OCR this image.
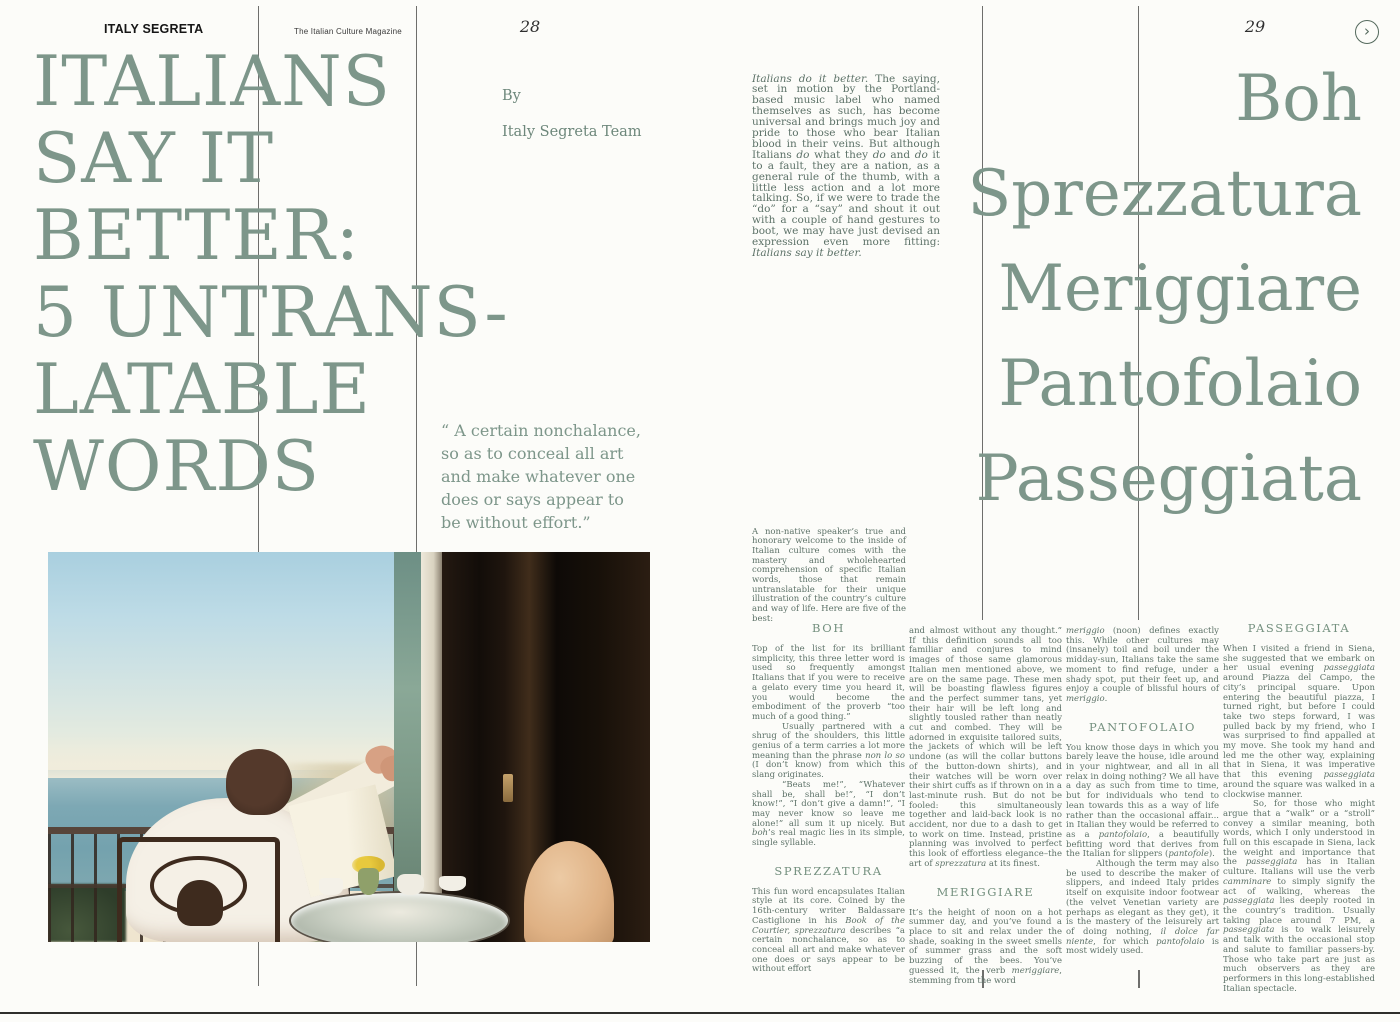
ITALY SEGRETA	The Italian Culture Magazine	28	29	›
ITALIANS
SAY IT
BETTER:
5 UNTRANS-
LATABLE
WORDS
By
Italy Segreta Team
“ A certain nonchalance, so as to conceal all art and make whatever one does or says appear to be without effort.”
Boh
Sprezzatura
Meriggiare
Pantofolaio
Passeggiata

Italians do it better. The saying, set in motion by the Portland-based music label who named themselves as such, has become universal and brings much joy and pride to those who bear Italian blood in their veins. But although Italians do what they do and do it to a fault, they are a nation, as a general rule of the thumb, with a little less action and a lot more talking. So, if we were to trade the “do” for a “say” and shout it out with a couple of hand gestures to boot, we may have just devised an expression even more fitting: Italians say it better.

A non-native speaker’s true and honorary welcome to the inside of Italian culture comes with the mastery and wholehearted comprehension of specific Italian words, those that remain untranslatable for their unique illustration of the country’s culture and way of life. Here are five of the best:

BOH

Top of the list for its brilliant simplicity, this three letter word is used so frequently amongst Italians that if you were to receive a gelato every time you heard it, you would become the embodiment of the proverb “too much of a good thing.”

Usually partnered with a shrug of the shoulders, this little genius of a term carries a lot more meaning than the phrase non lo so (I don’t know) from which this slang originates.

“Beats me!”, “Whatever shall be, shall be!”, “I don’t know!”, “I don’t give a damn!”, “I may never know so leave me alone!” all sum it up nicely. But boh’s real magic lies in its simple, single syllable.

SPREZZATURA

This fun word encapsulates Italian style at its core. Coined by the 16th-century writer Baldassare Castiglione in his Book of the Courtier, sprezzatura describes “a certain nonchalance, so as to conceal all art and make whatever one does or says appear to be without effort

and almost without any thought.” If this definition sounds all too familiar and conjures to mind images of those same glamorous Italian men mentioned above, we are on the same page. These men will be boasting flawless figures and the perfect summer tans, yet their hair will be left long and slightly tousled rather than neatly cut and combed. They will be adorned in exquisite tailored suits, the jackets of which will be left undone (as will the collar buttons of the button-down shirts), and their watches will be worn over their shirt cuffs as if thrown on in a last-minute rush. But do not be fooled: this simultaneously together and laid-back look is no accident, nor due to a dash to get to work on time. Instead, pristine planning was involved to perfect this look of effortless elegance–the art of sprezzatura at its finest.

MERIGGIARE

It’s the height of noon on a hot summer day, and you’ve found a place to sit and relax under the shade, soaking in the sweet smells of summer grass and the soft buzzing of the bees. You’ve guessed it, the verb meriggiare, stemming from the word

meriggio (noon) defines exactly this. While other cultures may (insanely) toil and boil under the midday-sun, Italians take the same moment to find refuge, under a shady spot, put their feet up, and enjoy a couple of blissful hours of meriggio.

PANTOFOLAIO

You know those days in which you barely leave the house, idle around in your nightwear, and all in all relax in doing nothing? We all have a day as such from time to time, but for individuals who tend to lean towards this as a way of life rather than the occasional affair... in Italian they would be referred to as a pantofolaio, a beautifully befitting word that derives from the Italian for slippers (pantofole).

Although the term may also be used to describe the maker of slippers, and indeed Italy prides itself on exquisite indoor footwear (the velvet Venetian variety are perhaps as elegant as they get), it is the mastery of the leisurely art of doing nothing, il dolce far niente, for which pantofolaio is most widely used.

PASSEGGIATA

When I visited a friend in Siena, she suggested that we embark on her usual evening passeggiata around Piazza del Campo, the city’s principal square. Upon entering the beautiful piazza, I turned right, but before I could take two steps forward, I was pulled back by my friend, who I was surprised to find appalled at my move. She took my hand and led me the other way, explaining that in Siena, it was imperative that this evening passeggiata around the square was walked in a clockwise manner.

So, for those who might argue that a “walk” or a “stroll” convey a similar meaning, both words, which I only understood in full on this escapade in Siena, lack the weight and importance that the passeggiata has in Italian culture. Italians will use the verb camminare to simply signify the act of walking, whereas the passeggiata lies deeply rooted in the country’s tradition. Usually taking place around 7 PM, a passeggiata is to walk leisurely and talk with the occasional stop and salute to familiar passers-by. Those who take part are just as much observers as they are performers in this long-established Italian spectacle.
